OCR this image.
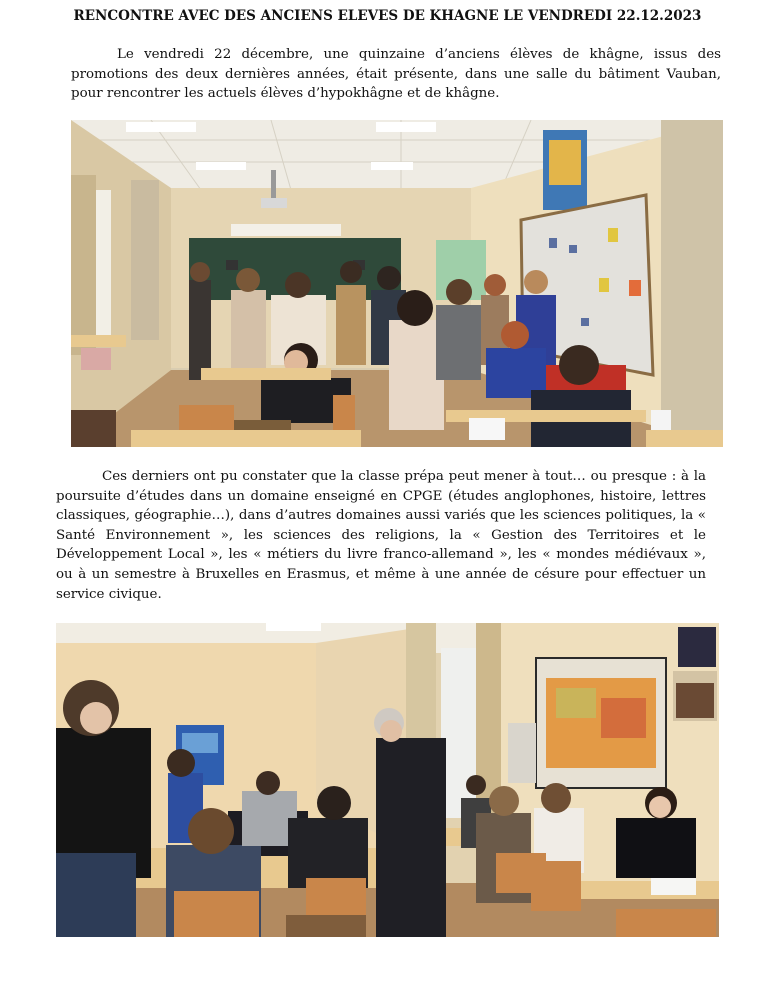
RENCONTRE AVEC DES ANCIENS ELEVES DE KHAGNE LE VENDREDI 22.12.2023

Le vendredi 22 décembre, une quinzaine d’anciens élèves de khâgne, issus des promotions des deux dernières années, était présente, dans une salle du bâtiment Vauban, pour rencontrer les actuels élèves d’hypokhâgne et de khâgne.

Ces derniers ont pu constater que la classe prépa peut mener à tout… ou presque : à la poursuite d’études dans un domaine enseigné en CPGE (études anglophones, histoire, lettres classiques, géographie…), dans d’autres domaines aussi variés que les sciences politiques, la « Santé Environnement », les sciences des religions, la « Gestion des Territoires et le Développement Local », les « métiers du livre franco-allemand », les « mondes médiévaux », ou à un semestre à Bruxelles en Erasmus, et même à une année de césure pour effectuer un service civique.
